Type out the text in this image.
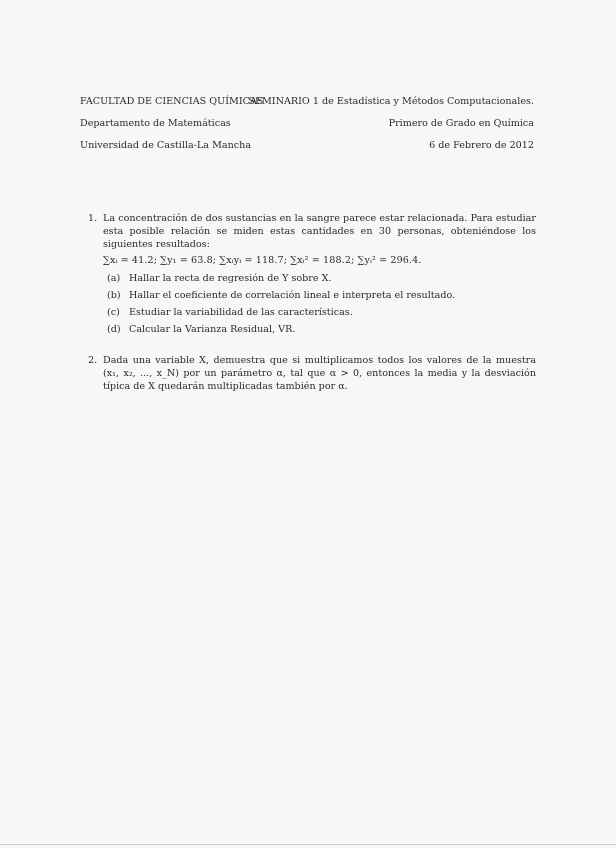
FACULTAD DE CIENCIAS QUÍMICAS
SEMINARIO 1 de Estadística y Métodos Computacionales.
Departamento de Matemáticas	Primero de Grado en Química
Universidad de Castilla-La Mancha	6 de Febrero de 2012
1. La concentración de dos sustancias en la sangre parece estar relacionada. Para estudiar esta posible relación se miden estas cantidades en 30 personas, obteniéndose los siguientes resultados:
∑xᵢ = 41.2; ∑y₁ = 63.8; ∑xᵢyᵢ = 118.7; ∑xᵢ² = 188.2; ∑yᵢ² = 296.4.
(a) Hallar la recta de regresión de Y sobre X.
(b) Hallar el coeficiente de correlación lineal e interpreta el resultado.
(c) Estudiar la variabilidad de las características.
(d) Calcular la Varianza Residual, VR.
2. Dada una variable X, demuestra que si multiplicamos todos los valores de la muestra (x₁, x₂, ..., x_N) por un parámetro α, tal que α > 0, entonces la media y la desviación típica de X quedarán multiplicadas también por α.
